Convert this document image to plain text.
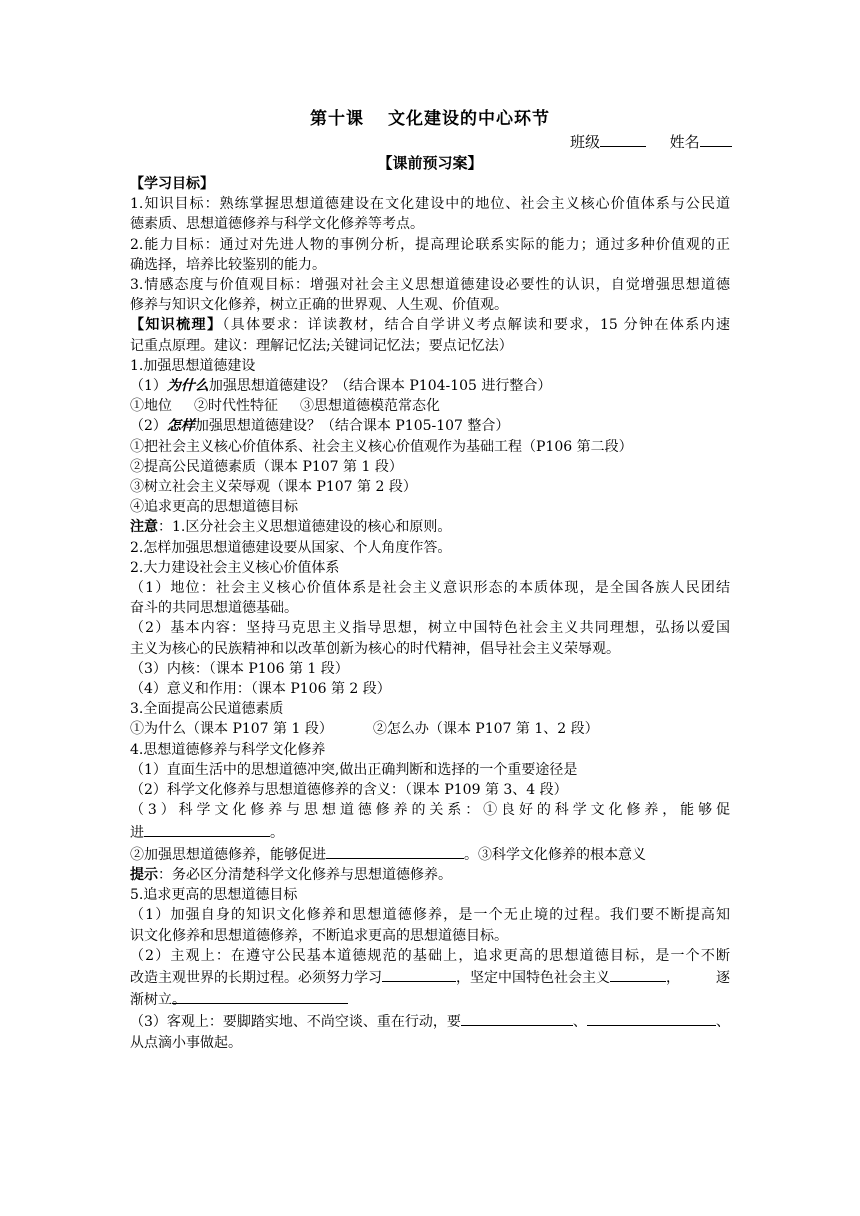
第十课 文化建设的中心环节
班级	姓名
【课前预习案】

【学习目标】

1.知识目标：熟练掌握思想道德建设在文化建设中的地位、社会主义核心价值体系与公民道

德素质、思想道德修养与科学文化修养等考点。

2.能力目标：通过对先进人物的事例分析，提高理论联系实际的能力；通过多种价值观的正

确选择，培养比较鉴别的能力。

3.情感态度与价值观目标：增强对社会主义思想道德建设必要性的认识，自觉增强思想道德

修养与知识文化修养，树立正确的世界观、人生观、价值观。

【知识梳理】（具体要求：详读教材，结合自学讲义考点解读和要求，15 分钟在体系内速

记重点原理。建议：理解记忆法;关键词记忆法；要点记忆法）

1.加强思想道德建设

（1）为什么加强思想道德建设？（结合课本 P104-105 进行整合）

①地位 ②时代性特征 ③思想道德模范常态化

（2）怎样加强思想道德建设？（结合课本 P105-107 整合）

①把社会主义核心价值体系、社会主义核心价值观作为基础工程（P106 第二段）

②提高公民道德素质（课本 P107 第 1 段）

③树立社会主义荣辱观（课本 P107 第 2 段）

④追求更高的思想道德目标

注意：1.区分社会主义思想道德建设的核心和原则。

2.怎样加强思想道德建设要从国家、个人角度作答。

2.大力建设社会主义核心价值体系

（1）地位：社会主义核心价值体系是社会主义意识形态的本质体现，是全国各族人民团结

奋斗的共同思想道德基础。

（2）基本内容：坚持马克思主义指导思想，树立中国特色社会主义共同理想，弘扬以爱国

主义为核心的民族精神和以改革创新为核心的时代精神，倡导社会主义荣辱观。

（3）内核：（课本 P106 第 1 段）

（4）意义和作用：（课本 P106 第 2 段）

3.全面提高公民道德素质

①为什么（课本 P107 第 1 段）	②怎么办（课本 P107 第 1、2 段）

4.思想道德修养与科学文化修养

（1）直面生活中的思想道德冲突,做出正确判断和选择的一个重要途径是

（2）科学文化修养与思想道德修养的含义：（课本 P109 第 3、4 段）

（3）科学文化修养与思想道德修养的关系：①良好的科学文化修养，能够促

进	。

②加强思想道德修养，能够促进	。③科学文化修养的根本意义

提示：务必区分清楚科学文化修养与思想道德修养。

5.追求更高的思想道德目标

（1）加强自身的知识文化修养和思想道德修养，是一个无止境的过程。我们要不断提高知

识文化修养和思想道德修养，不断追求更高的思想道德目标。

（2）主观上：在遵守公民基本道德规范的基础上，追求更高的思想道德目标，是一个不断

改造主观世界的长期过程。必须努力学习	，坚定中国特色社会主义	，	逐

渐树立。

（3）客观上：要脚踏实地、不尚空谈、重在行动，要	、	、

从点滴小事做起。
